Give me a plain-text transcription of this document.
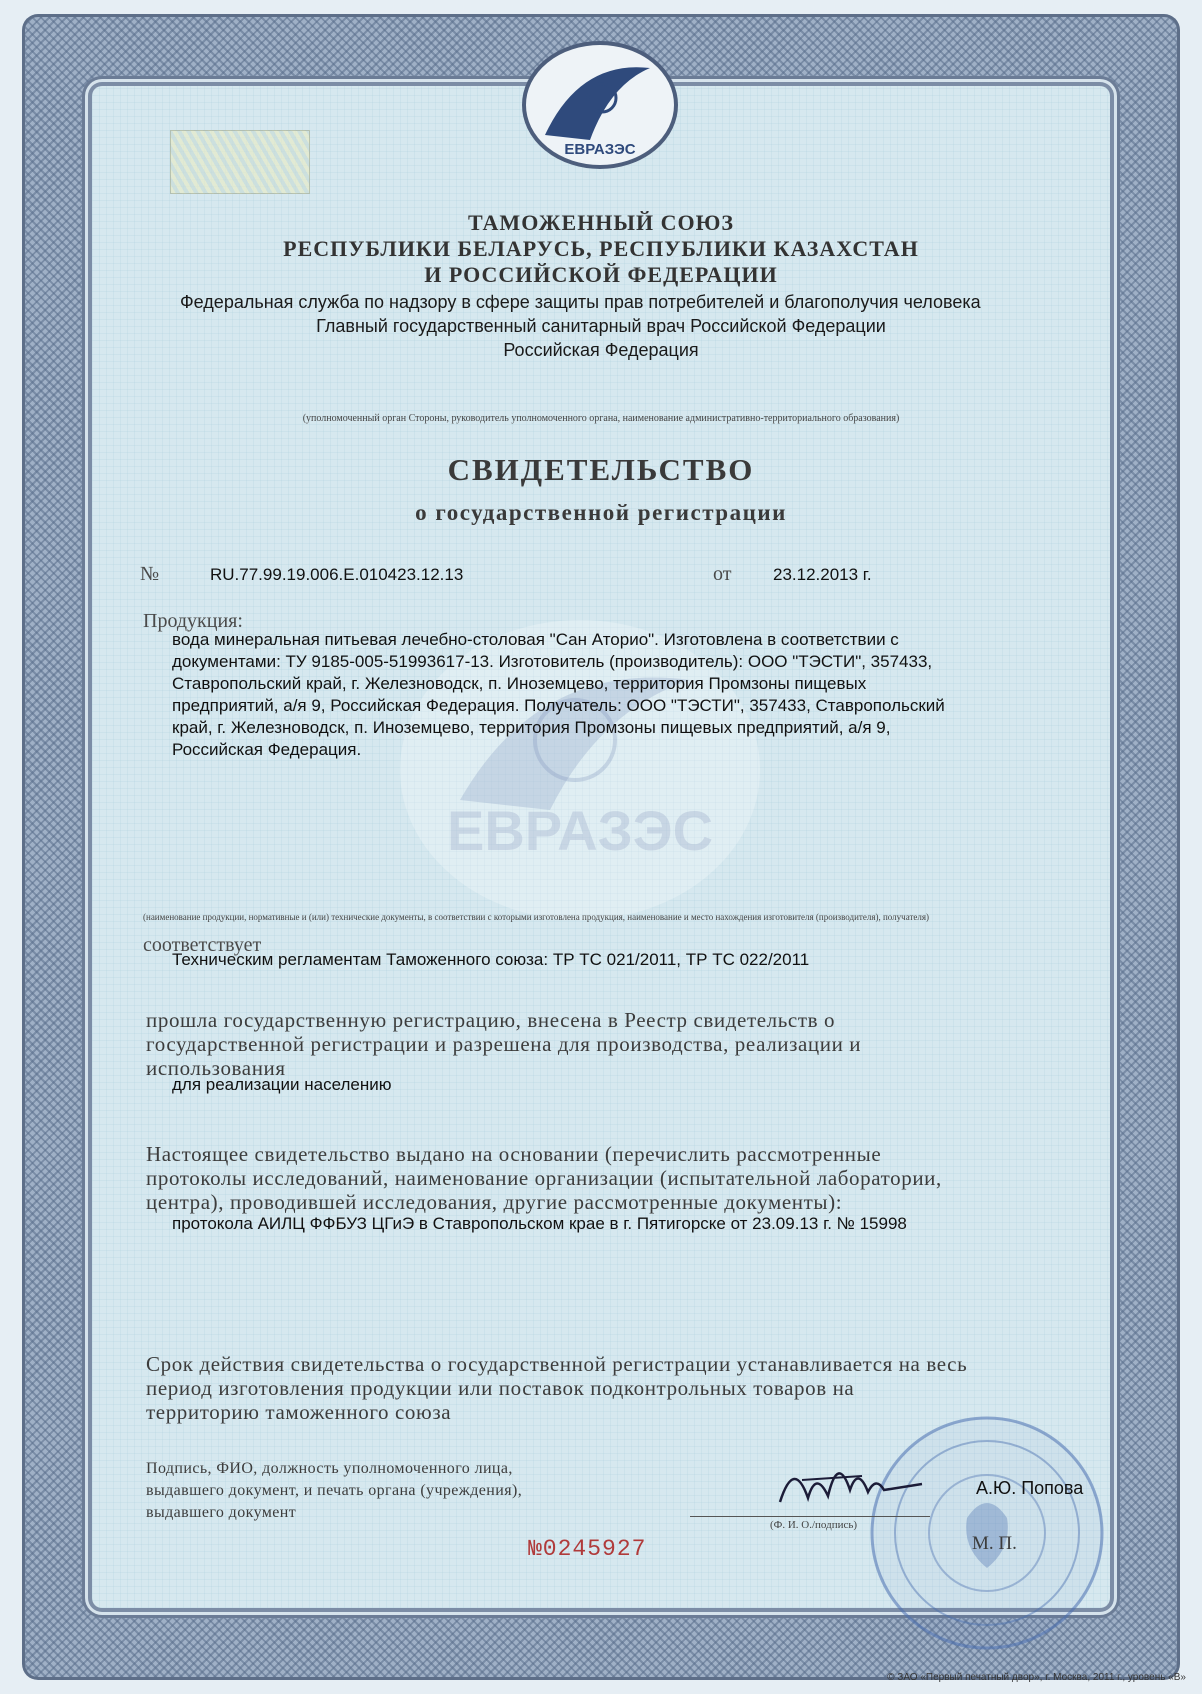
ЕВРАЗЭС
ЕВРАЗЭС
ТАМОЖЕННЫЙ СОЮЗ
РЕСПУБЛИКИ БЕЛАРУСЬ, РЕСПУБЛИКИ КАЗАХСТАН
И РОССИЙСКОЙ ФЕДЕРАЦИИ
Федеральная служба по надзору в сфере защиты прав потребителей и благополучия человека
Главный государственный санитарный врач Российской Федерации
Российская Федерация
(уполномоченный орган Стороны, руководитель уполномоченного органа, наименование административно-территориального образования)
СВИДЕТЕЛЬСТВО
о государственной регистрации
№	RU.77.99.19.006.Е.010423.12.13	от 23.12.2013 г.
Продукция:
вода минеральная питьевая лечебно-столовая "Сан Аторио". Изготовлена в соответствии с
документами: ТУ 9185-005-51993617-13. Изготовитель (производитель): ООО "ТЭСТИ", 357433,
Ставропольский край, г. Железноводск, п. Иноземцево, территория Промзоны пищевых
предприятий, а/я 9, Российская Федерация. Получатель: ООО "ТЭСТИ", 357433, Ставропольский
край, г. Железноводск, п. Иноземцево, территория Промзоны пищевых предприятий, а/я 9,
Российская Федерация.
(наименование продукции, нормативные и (или) технические документы, в соответствии с которыми изготовлена продукция, наименование и место нахождения изготовителя (производителя), получателя)
соответствует
Техническим регламентам Таможенного союза: ТР ТС 021/2011, ТР ТС 022/2011
прошла государственную регистрацию, внесена в Реестр свидетельств о
государственной регистрации и разрешена для производства, реализации и
использования
для реализации населению
Настоящее свидетельство выдано на основании (перечислить рассмотренные
протоколы исследований, наименование организации (испытательной лаборатории,
центра), проводившей исследования, другие рассмотренные документы):
протокола АИЛЦ ФФБУЗ ЦГиЭ в Ставропольском крае в г. Пятигорске от 23.09.13 г. № 15998
Срок действия свидетельства о государственной регистрации устанавливается на весь
период изготовления продукции или поставок подконтрольных товаров на
территорию таможенного союза
Подпись, ФИО, должность уполномоченного лица,
выдавшего документ, и печать органа (учреждения),
выдавшего документ
А.Ю. Попова
(Ф. И. О./подпись)
М. П.
№0245927
© ЗАО «Первый печатный двор», г. Москва, 2011 г., уровень «В»
